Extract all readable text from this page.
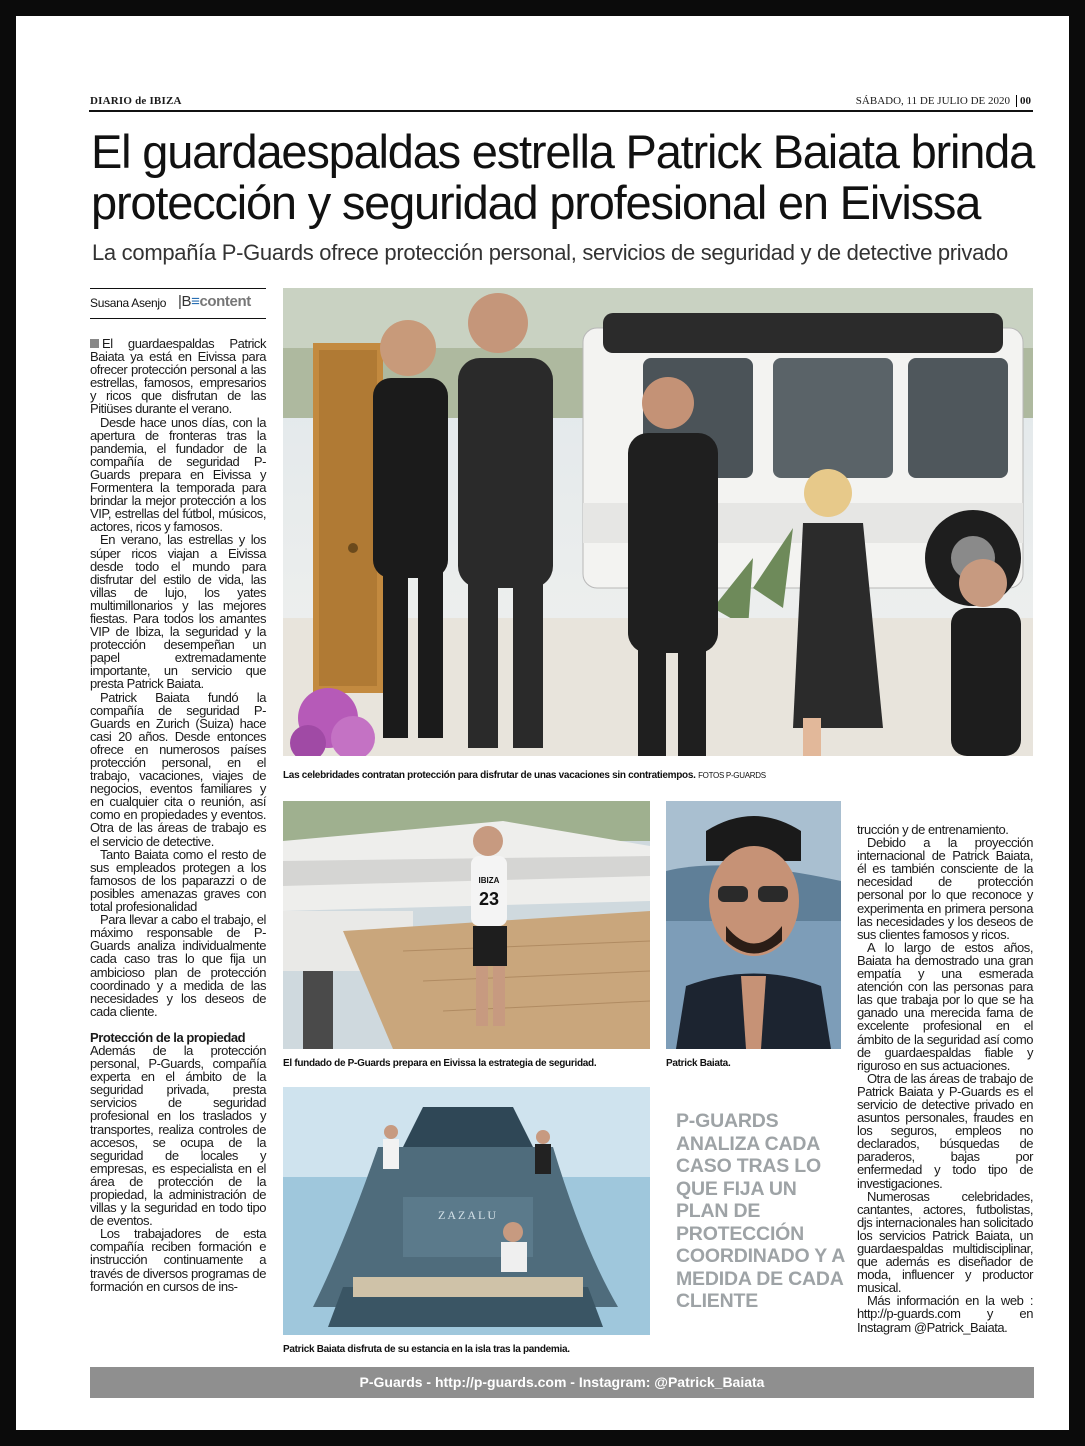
DIARIO de IBIZA	SÁBADO, 11 DE JULIO DE 2020 00
El guardaespaldas estrella Patrick Baiata brinda protección y seguridad profesional en Eivissa
La compañía P-Guards ofrece protección personal, servicios de seguridad y de detective privado
Susana Asenjo |B≡content

El guardaespaldas Patrick Baiata ya está en Eivissa para ofrecer protección personal a las estrellas, famosos, empresarios y ricos que disfrutan de las Pitiüses durante el verano.

Desde hace unos días, con la apertura de fronteras tras la pandemia, el fundador de la compañía de seguridad P-Guards prepara en Eivissa y Formentera la temporada para brindar la mejor protección a los VIP, estrellas del fútbol, músicos, actores, ricos y famosos.

En verano, las estrellas y los súper ricos viajan a Eivissa desde todo el mundo para disfrutar del estilo de vida, las villas de lujo, los yates multimillonarios y las mejores fiestas. Para todos los amantes VIP de Ibiza, la seguridad y la protección desempeñan un papel extremadamente importante, un servicio que presta Patrick Baiata.

Patrick Baiata fundó la compañía de seguridad P-Guards en Zurich (Suiza) hace casi 20 años. Desde entonces ofrece en numerosos países protección personal, en el trabajo, vacaciones, viajes de negocios, eventos familiares y en cualquier cita o reunión, así como en propiedades y eventos. Otra de las áreas de trabajo es el servicio de detective.

Tanto Baiata como el resto de sus empleados protegen a los famosos de los paparazzi o de posibles amenazas graves con total profesionalidad

Para llevar a cabo el trabajo, el máximo responsable de P-Guards analiza individualmente cada caso tras lo que fija un ambicioso plan de protección coordinado y a medida de las necesidades y los deseos de cada cliente.

Protección de la propiedad

Además de la protección personal, P-Guards, compañía experta en el ámbito de la seguridad privada, presta servicios de seguridad profesional en los traslados y transportes, realiza controles de accesos, se ocupa de la seguridad de locales y empresas, es especialista en el área de protección de la propiedad, la administración de villas y la seguridad en todo tipo de eventos.

Los trabajadores de esta compañía reciben formación e instrucción continuamente a través de diversos programas de formación en cursos de ins-

Las celebridades contratan protección para disfrutar de unas vacaciones sin contratiempos. FOTOS P-GUARDS
IBIZA
23
El fundado de P-Guards prepara en Eivissa la estrategia de seguridad.	Patrick Baiata.
ZAZALU
Patrick Baiata disfruta de su estancia en la isla tras la pandemia.
P-GUARDS ANALIZA CADA CASO TRAS LO QUE FIJA UN PLAN DE PROTECCIÓN COORDINADO Y A MEDIDA DE CADA CLIENTE

trucción y de entrenamiento.

Debido a la proyección internacional de Patrick Baiata, él es también consciente de la necesidad de protección personal por lo que reconoce y experimenta en primera persona las necesidades y los deseos de sus clientes famosos y ricos.

A lo largo de estos años, Baiata ha demostrado una gran empatía y una esmerada atención con las personas para las que trabaja por lo que se ha ganado una merecida fama de excelente profesional en el ámbito de la seguridad así como de guardaespaldas fiable y riguroso en sus actuaciones.

Otra de las áreas de trabajo de Patrick Baiata y P-Guards es el servicio de detective privado en asuntos personales, fraudes en los seguros, empleos no declarados, búsquedas de paraderos, bajas por enfermedad y todo tipo de investigaciones.

Numerosas celebridades, cantantes, actores, futbolistas, djs internacionales han solicitado los servicios Patrick Baiata, un guardaespaldas multidisciplinar, que además es diseñador de moda, influencer y productor musical.

Más información en la web : http://p-guards.com y en Instagram @Patrick_Baiata.

P-Guards - http://p-guards.com - Instagram: @Patrick_Baiata
